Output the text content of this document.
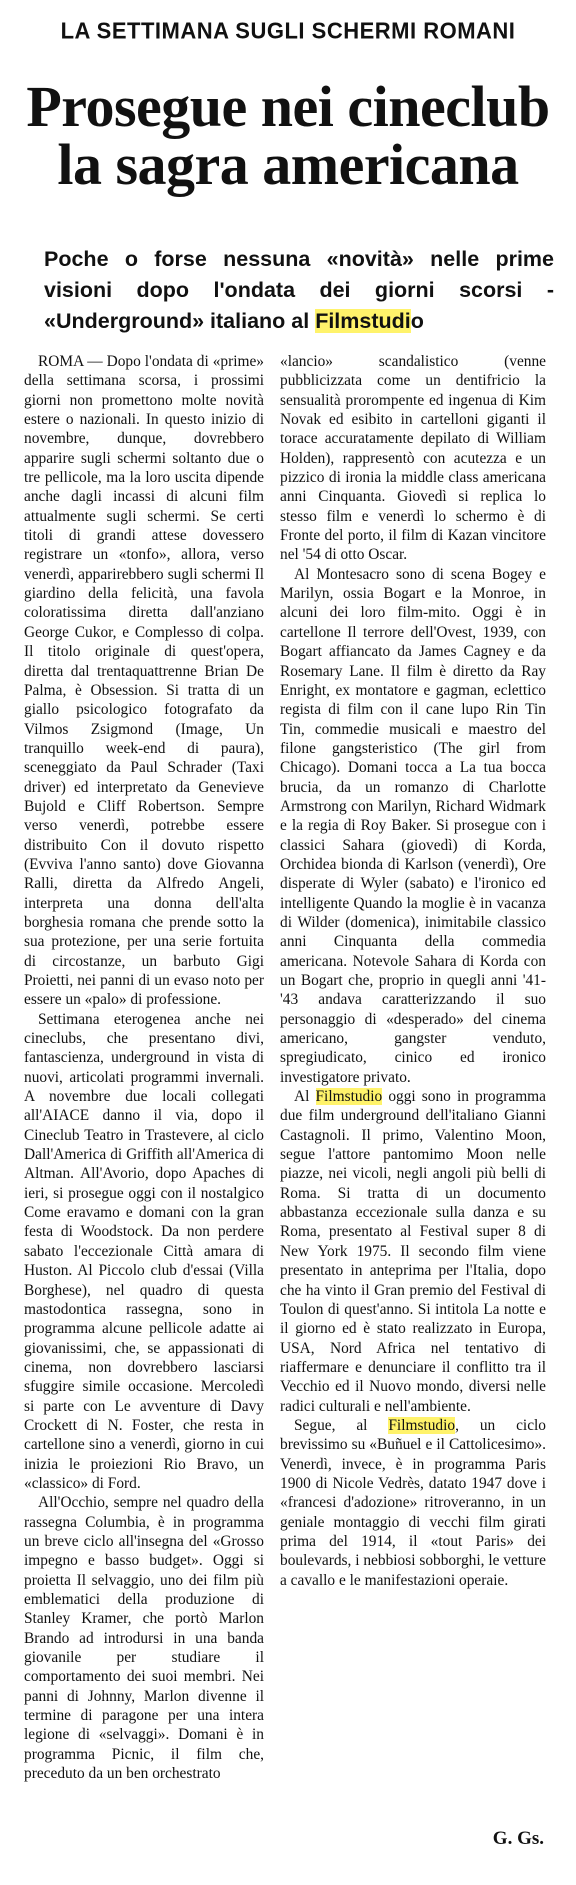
LA SETTIMANA SUGLI SCHERMI ROMANI
Prosegue nei cineclub
la sagra americana
Poche o forse nessuna «novità» nelle prime visioni dopo l'ondata dei giorni scorsi - «Underground» italiano al Filmstudio

ROMA — Dopo l'ondata di «prime» della settimana scorsa, i prossimi giorni non promettono molte novità estere o nazionali. In questo inizio di novembre, dunque, dovrebbero apparire sugli schermi soltanto due o tre pellicole, ma la loro uscita dipende anche dagli incassi di alcuni film attualmente sugli schermi. Se certi titoli di grandi attese dovessero registrare un «tonfo», allora, verso venerdì, apparirebbero sugli schermi Il giardino della felicità, una favola coloratissima diretta dall'anziano George Cukor, e Complesso di colpa. Il titolo originale di quest'opera, diretta dal trentaquattrenne Brian De Palma, è Obsession. Si tratta di un giallo psicologico fotografato da Vilmos Zsigmond (Image, Un tranquillo week-end di paura), sceneggiato da Paul Schrader (Taxi driver) ed interpretato da Genevieve Bujold e Cliff Robertson. Sempre verso venerdì, potrebbe essere distribuito Con il dovuto rispetto (Evviva l'anno santo) dove Giovanna Ralli, diretta da Alfredo Angeli, interpreta una donna dell'alta borghesia romana che prende sotto la sua protezione, per una serie fortuita di circostanze, un barbuto Gigi Proietti, nei panni di un evaso noto per essere un «palo» di professione.

Settimana eterogenea anche nei cineclubs, che presentano divi, fantascienza, underground in vista di nuovi, articolati programmi invernali. A novembre due locali collegati all'AIACE danno il via, dopo il Cineclub Teatro in Trastevere, al ciclo Dall'America di Griffith all'America di Altman. All'Avorio, dopo Apaches di ieri, si prosegue oggi con il nostalgico Come eravamo e domani con la gran festa di Woodstock. Da non perdere sabato l'eccezionale Città amara di Huston. Al Piccolo club d'essai (Villa Borghese), nel quadro di questa mastodontica rassegna, sono in programma alcune pellicole adatte ai giovanissimi, che, se appassionati di cinema, non dovrebbero lasciarsi sfuggire simile occasione. Mercoledì si parte con Le avventure di Davy Crockett di N. Foster, che resta in cartellone sino a venerdì, giorno in cui inizia le proiezioni Rio Bravo, un «classico» di Ford.

All'Occhio, sempre nel quadro della rassegna Columbia, è in programma un breve ciclo all'insegna del «Grosso impegno e basso budget». Oggi si proietta Il selvaggio, uno dei film più emblematici della produzione di Stanley Kramer, che portò Marlon Brando ad introdursi in una banda giovanile per studiare il comportamento dei suoi membri. Nei panni di Johnny, Marlon divenne il termine di paragone per una intera legione di «selvaggi». Domani è in programma Picnic, il film che, preceduto da un ben orchestrato

«lancio» scandalistico (venne pubblicizzata come un dentifricio la sensualità prorompente ed ingenua di Kim Novak ed esibito in cartelloni giganti il torace accuratamente depilato di William Holden), rappresentò con acutezza e un pizzico di ironia la middle class americana anni Cinquanta. Giovedì si replica lo stesso film e venerdì lo schermo è di Fronte del porto, il film di Kazan vincitore nel '54 di otto Oscar.

Al Montesacro sono di scena Bogey e Marilyn, ossia Bogart e la Monroe, in alcuni dei loro film-mito. Oggi è in cartellone Il terrore dell'Ovest, 1939, con Bogart affiancato da James Cagney e da Rosemary Lane. Il film è diretto da Ray Enright, ex montatore e gagman, eclettico regista di film con il cane lupo Rin Tin Tin, commedie musicali e maestro del filone gangsteristico (The girl from Chicago). Domani tocca a La tua bocca brucia, da un romanzo di Charlotte Armstrong con Marilyn, Richard Widmark e la regia di Roy Baker. Si prosegue con i classici Sahara (giovedì) di Korda, Orchidea bionda di Karlson (venerdì), Ore disperate di Wyler (sabato) e l'ironico ed intelligente Quando la moglie è in vacanza di Wilder (domenica), inimitabile classico anni Cinquanta della commedia americana. Notevole Sahara di Korda con un Bogart che, proprio in quegli anni '41-'43 andava caratterizzando il suo personaggio di «desperado» del cinema americano, gangster venduto, spregiudicato, cinico ed ironico investigatore privato.

Al Filmstudio oggi sono in programma due film underground dell'italiano Gianni Castagnoli. Il primo, Valentino Moon, segue l'attore pantomimo Moon nelle piazze, nei vicoli, negli angoli più belli di Roma. Si tratta di un documento abbastanza eccezionale sulla danza e su Roma, presentato al Festival super 8 di New York 1975. Il secondo film viene presentato in anteprima per l'Italia, dopo che ha vinto il Gran premio del Festival di Toulon di quest'anno. Si intitola La notte e il giorno ed è stato realizzato in Europa, USA, Nord Africa nel tentativo di riaffermare e denunciare il conflitto tra il Vecchio ed il Nuovo mondo, diversi nelle radici culturali e nell'ambiente.

Segue, al Filmstudio, un ciclo brevissimo su «Buñuel e il Cattolicesimo». Venerdì, invece, è in programma Paris 1900 di Nicole Vedrès, datato 1947 dove i «francesi d'adozione» ritroveranno, in un geniale montaggio di vecchi film girati prima del 1914, il «tout Paris» dei boulevards, i nebbiosi sobborghi, le vetture a cavallo e le manifestazioni operaie.

G. Gs.
